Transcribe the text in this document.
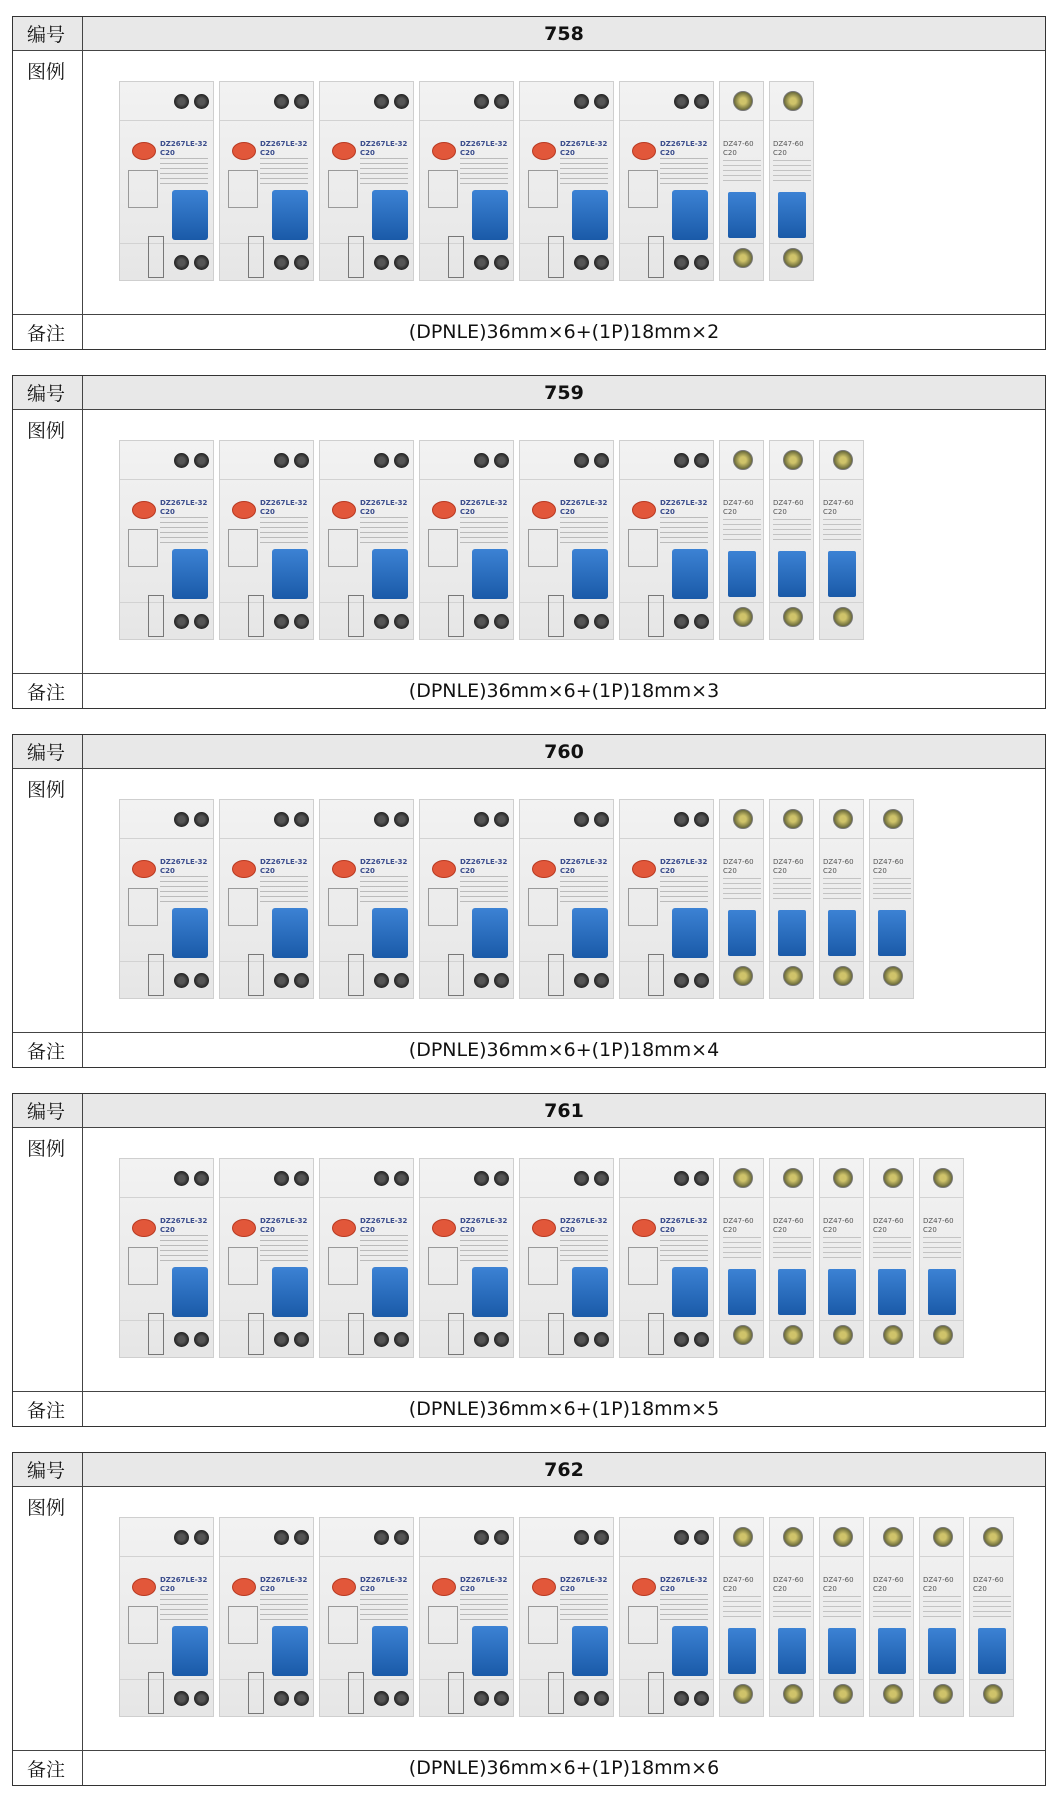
编号	758
图例
DZ267LE-32
C20
DZ267LE-32
C20
DZ267LE-32
C20
DZ267LE-32
C20
DZ267LE-32
C20
DZ267LE-32
C20
DZ47-60
C20
DZ47-60
C20
备注	(DPNLE)36mm×6+(1P)18mm×2
编号	759
图例
DZ267LE-32
C20
DZ267LE-32
C20
DZ267LE-32
C20
DZ267LE-32
C20
DZ267LE-32
C20
DZ267LE-32
C20
DZ47-60
C20
DZ47-60
C20
DZ47-60
C20
备注	(DPNLE)36mm×6+(1P)18mm×3
编号	760
图例
DZ267LE-32
C20
DZ267LE-32
C20
DZ267LE-32
C20
DZ267LE-32
C20
DZ267LE-32
C20
DZ267LE-32
C20
DZ47-60
C20
DZ47-60
C20
DZ47-60
C20
DZ47-60
C20
备注	(DPNLE)36mm×6+(1P)18mm×4
编号	761
图例
DZ267LE-32
C20
DZ267LE-32
C20
DZ267LE-32
C20
DZ267LE-32
C20
DZ267LE-32
C20
DZ267LE-32
C20
DZ47-60
C20
DZ47-60
C20
DZ47-60
C20
DZ47-60
C20
DZ47-60
C20
备注	(DPNLE)36mm×6+(1P)18mm×5
编号	762
图例
DZ267LE-32
C20
DZ267LE-32
C20
DZ267LE-32
C20
DZ267LE-32
C20
DZ267LE-32
C20
DZ267LE-32
C20
DZ47-60
C20
DZ47-60
C20
DZ47-60
C20
DZ47-60
C20
DZ47-60
C20
DZ47-60
C20
备注	(DPNLE)36mm×6+(1P)18mm×6
